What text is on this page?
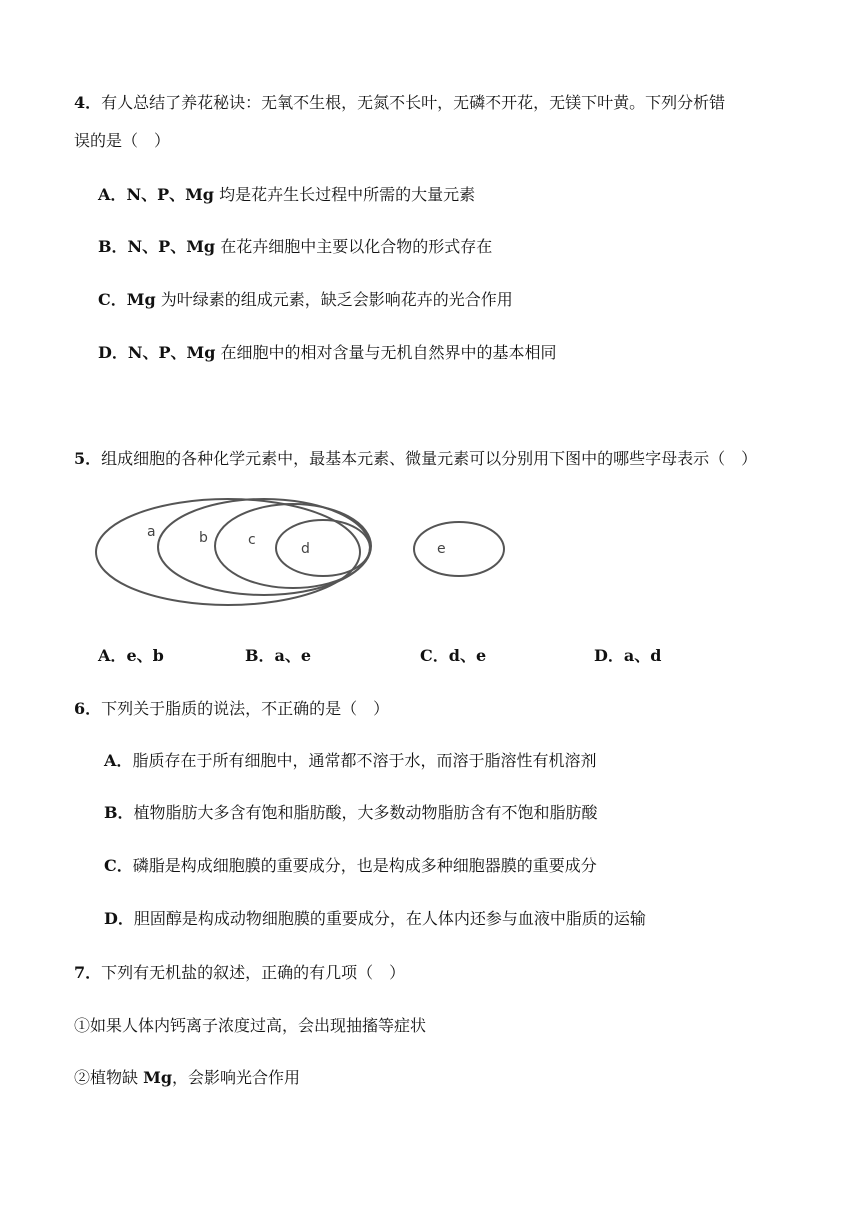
4．有人总结了养花秘诀：无氧不生根，无氮不长叶，无磷不开花，无镁下叶黄。下列分析错
误的是（　）
A．N、P、Mg 均是花卉生长过程中所需的大量元素
B．N、P、Mg 在花卉细胞中主要以化合物的形式存在
C．Mg 为叶绿素的组成元素，缺乏会影响花卉的光合作用
D．N、P、Mg 在细胞中的相对含量与无机自然界中的基本相同
5．组成细胞的各种化学元素中，最基本元素、微量元素可以分别用下图中的哪些字母表示（　）
a	b	c
d	e
A．e、b	B．a、e	C．d、e	D．a、d
6．下列关于脂质的说法，不正确的是（　）
A．脂质存在于所有细胞中，通常都不溶于水，而溶于脂溶性有机溶剂
B．植物脂肪大多含有饱和脂肪酸，大多数动物脂肪含有不饱和脂肪酸
C．磷脂是构成细胞膜的重要成分，也是构成多种细胞器膜的重要成分
D．胆固醇是构成动物细胞膜的重要成分，在人体内还参与血液中脂质的运输
7．下列有无机盐的叙述，正确的有几项（　）
①如果人体内钙离子浓度过高，会出现抽搐等症状
②植物缺 Mg，会影响光合作用
